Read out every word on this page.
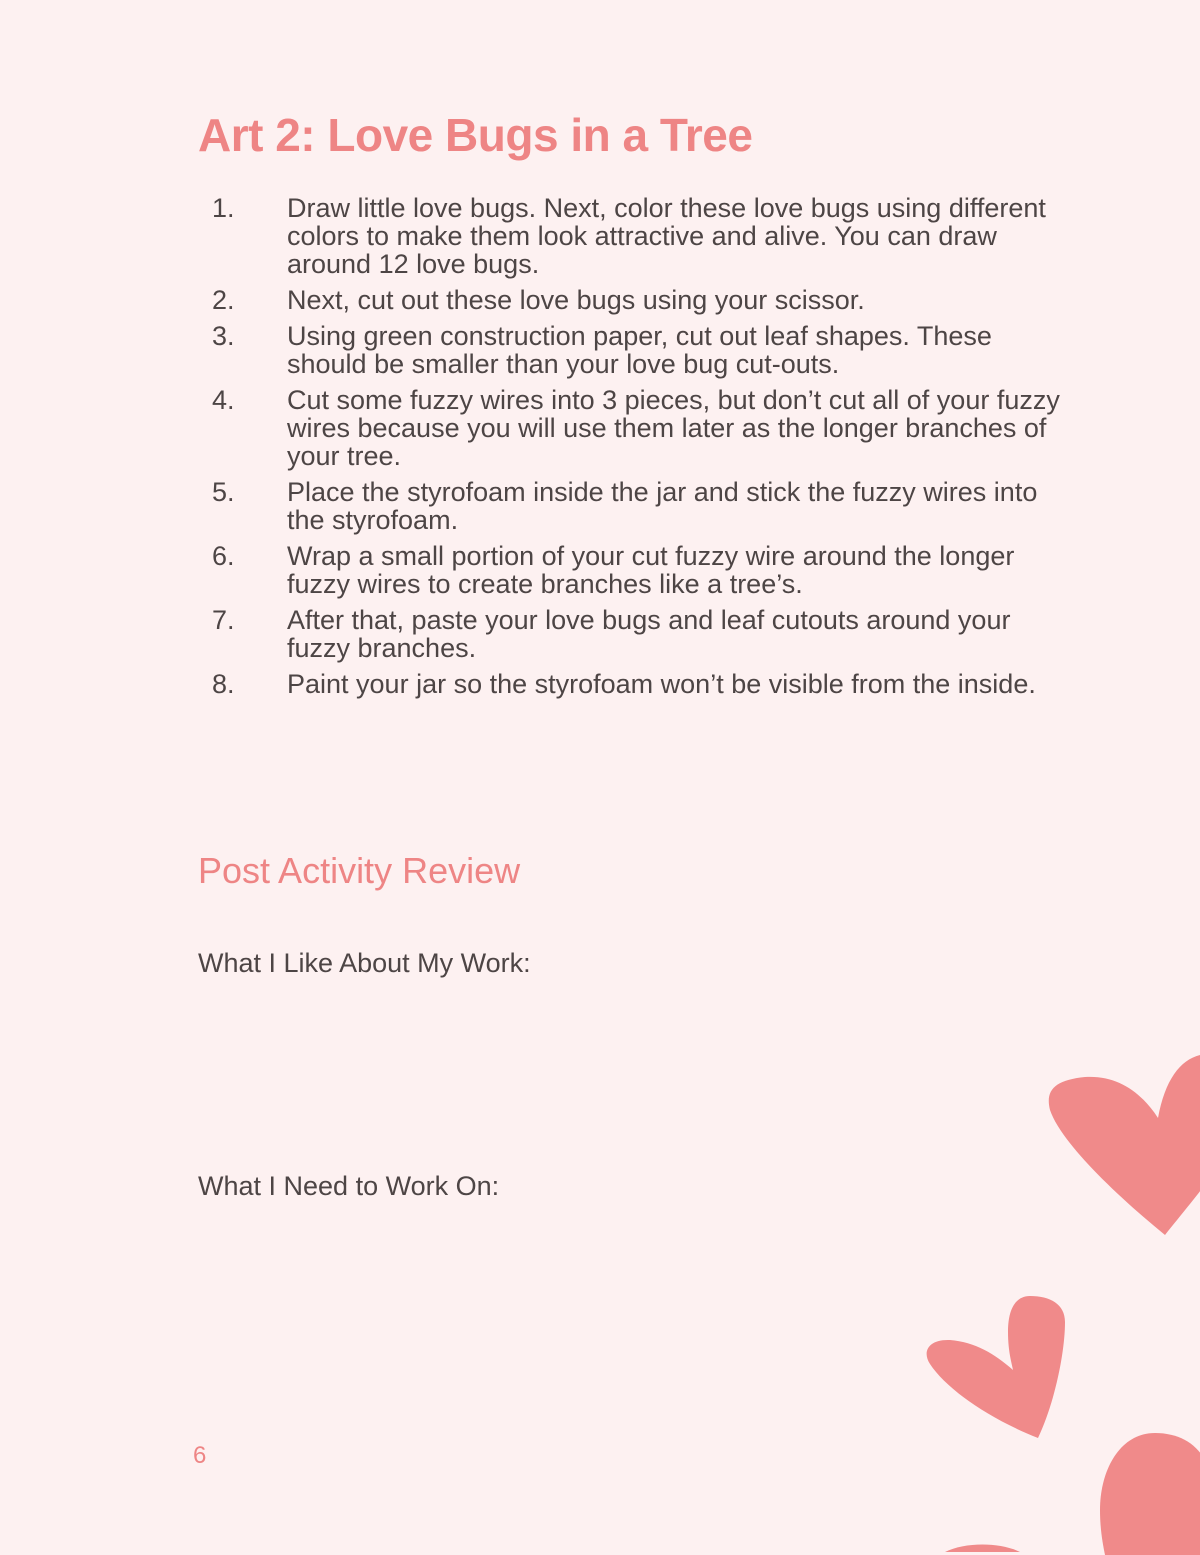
Art 2: Love Bugs in a Tree
1.	Draw little love bugs. Next, color these love bugs using different colors to make them look attractive and alive. You can draw around 12 love bugs.
2.	Next, cut out these love bugs using your scissor.
3.	Using green construction paper, cut out leaf shapes. These should be smaller than your love bug cut-outs.
4.	Cut some fuzzy wires into 3 pieces, but don’t cut all of your fuzzy wires because you will use them later as the longer branches of your tree.
5.	Place the styrofoam inside the jar and stick the fuzzy wires into the styrofoam.
6.	Wrap a small portion of your cut fuzzy wire around the longer fuzzy wires to create branches like a tree’s.
7.	After that, paste your love bugs and leaf cutouts around your fuzzy branches.
8.	Paint your jar so the styrofoam won’t be visible from the inside.
Post Activity Review
What I Like About My Work:
What I Need to Work On:
6
